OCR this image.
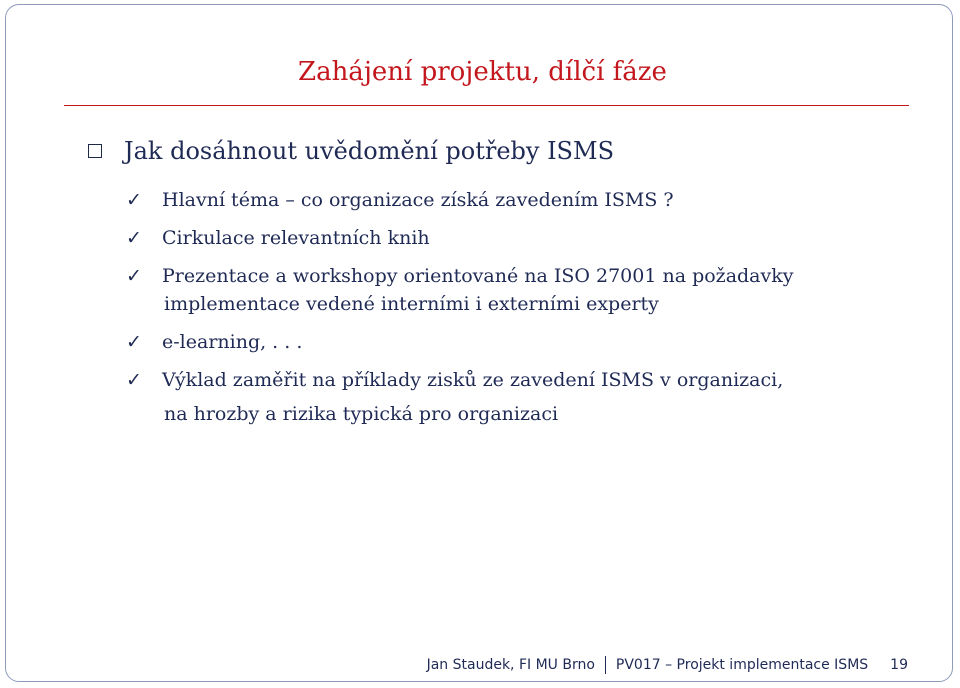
Zahájení projektu, dílčí fáze
Jak dosáhnout uvědomění potřeby ISMS
✓	Hlavní téma – co organizace získá zavedením ISMS ?
✓	Cirkulace relevantních knih
✓	Prezentace a workshopy orientované na ISO 27001 na požadavky
implementace vedené interními i externími experty
✓	e-learning, . . .
✓	Výklad zaměřit na příklady zisků ze zavedení ISMS v organizaci,
na hrozby a rizika typická pro organizaci
Jan Staudek, FI MU Brno PV017 – Projekt implementace ISMS 19
